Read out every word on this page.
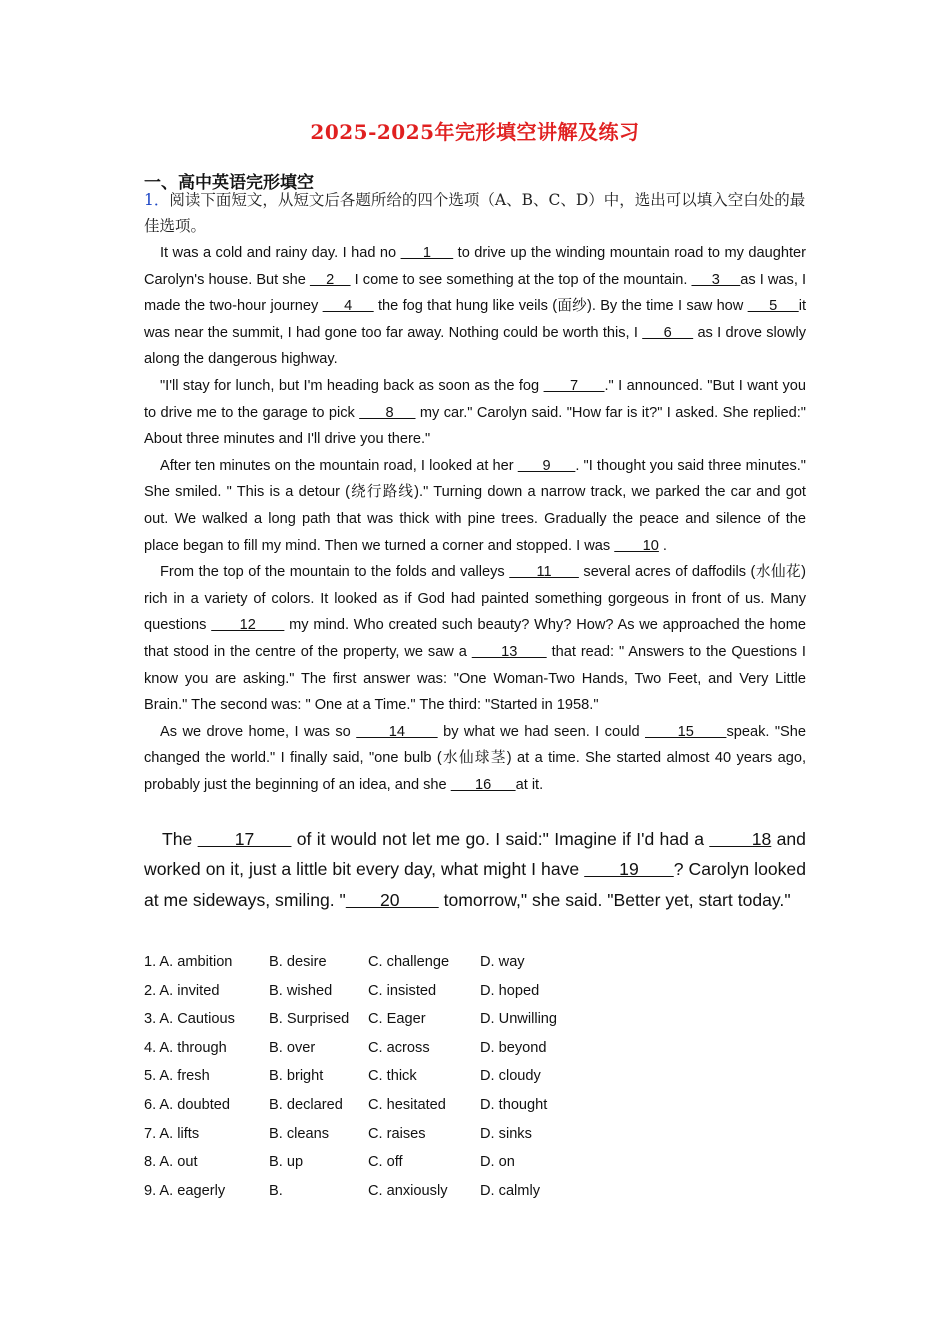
2025-2025年完形填空讲解及练习
一、高中英语完形填空
1．阅读下面短文，从短文后各题所给的四个选项（A、B、C、D）中，选出可以填入空白处的最佳选项。

It was a cold and rainy day. I had no      1      to drive up the winding mountain road to my daughter Carolyn's house. But she     2     I come to see something at the top of the mountain.      3     as I was, I made the two-hour journey      4      the fog that hung like veils (面纱). By the time I saw how      5     it was near the summit, I had gone too far away. Nothing could be worth this, I      6      as I drove slowly along the dangerous highway.

"I'll stay for lunch, but I'm heading back as soon as the fog       7      ." I announced. "But I want you to drive me to the garage to pick       8      my car." Carolyn said. "How far is it?" I asked. She replied:" About three minutes and I'll drive you there."

After ten minutes on the mountain road, I looked at her       9      . "I thought you said three minutes." She smiled. " This is a detour (绕行路线)." Turning down a narrow track, we parked the car and got out. We walked a long path that was thick with pine trees. Gradually the peace and silence of the place began to fill my mind. Then we turned a corner and stopped. I was        10 .

From the top of the mountain to the folds and valleys       11       several acres of daffodils (水仙花) rich in a variety of colors. It looked as if God had painted something gorgeous in front of us. Many questions       12       my mind. Who created such beauty? Why? How? As we approached the home that stood in the centre of the property, we saw a       13       that read: " Answers to the Questions I know you are asking." The first answer was: "One Woman-Two Hands, Two Feet, and Very Little Brain." The second was: " One at a Time." The third: "Started in 1958."

As we drove home, I was so       14       by what we had seen. I could       15      speak. "She changed the world." I finally said, "one bulb (水仙球茎) at a time. She started almost 40 years ago, probably just the beginning of an idea, and she       16      at it.

The        17        of it would not let me go. I said:" Imagine if I'd had a         18 and worked on it, just a little bit every day, what might I have        19       ? Carolyn looked at me sideways, smiling. "       20         tomorrow," she said. "Better yet, start today."

1. A. ambition	B. desire	C. challenge D. way
2. A. invited	B. wished C. insisted	D. hoped
3. A. Cautious B. Surprised C. Eager	D. Unwilling
4. A. through	B. over	C. across	D. beyond
5. A. fresh	B. bright	C. thick	D. cloudy
6. A. doubted	B. declared C. hesitated D. thought
7. A. lifts	B. cleans	C. raises	D. sinks
8. A. out	B. up	C. off	D. on
9. A. eagerly	B.	C. anxiously D. calmly
